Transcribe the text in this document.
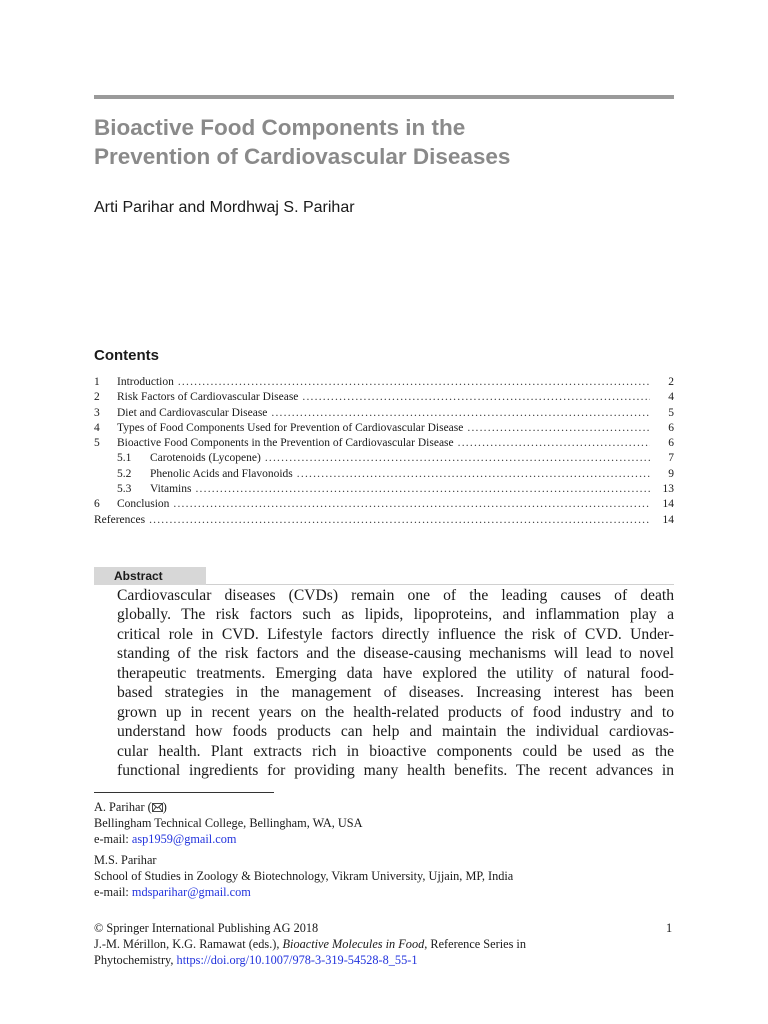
Bioactive Food Components in the
Prevention of Cardiovascular Diseases
Arti Parihar and Mordhwaj S. Parihar
Contents
1	Introduction .....	2
2	Risk Factors of Cardiovascular Disease .....	4
3	Diet and Cardiovascular Disease .....	5
4	Types of Food Components Used for Prevention of Cardiovascular Disease .....	6
5	Bioactive Food Components in the Prevention of Cardiovascular Disease .....	6
5.1	Carotenoids (Lycopene) .....	7
5.2	Phenolic Acids and Flavonoids .....	9
5.3	Vitamins .....	13
6	Conclusion .....	14
References .....	14
Abstract
Cardiovascular diseases (CVDs) remain one of the leading causes of death
globally. The risk factors such as lipids, lipoproteins, and inflammation play a
critical role in CVD. Lifestyle factors directly influence the risk of CVD. Under-
standing of the risk factors and the disease-causing mechanisms will lead to novel
therapeutic treatments. Emerging data have explored the utility of natural food-
based strategies in the management of diseases. Increasing interest has been
grown up in recent years on the health-related products of food industry and to
understand how foods products can help and maintain the individual cardiovas-
cular health. Plant extracts rich in bioactive components could be used as the
functional ingredients for providing many health benefits. The recent advances in
A. Parihar ( )
Bellingham Technical College, Bellingham, WA, USA
e-mail: asp1959@gmail.com
M.S. Parihar
School of Studies in Zoology & Biotechnology, Vikram University, Ujjain, MP, India
e-mail: mdsparihar@gmail.com
© Springer International Publishing AG 2018
J.-M. Mérillon, K.G. Ramawat (eds.), Bioactive Molecules in Food, Reference Series in
Phytochemistry, https://doi.org/10.1007/978-3-319-54528-8_55-1
1
